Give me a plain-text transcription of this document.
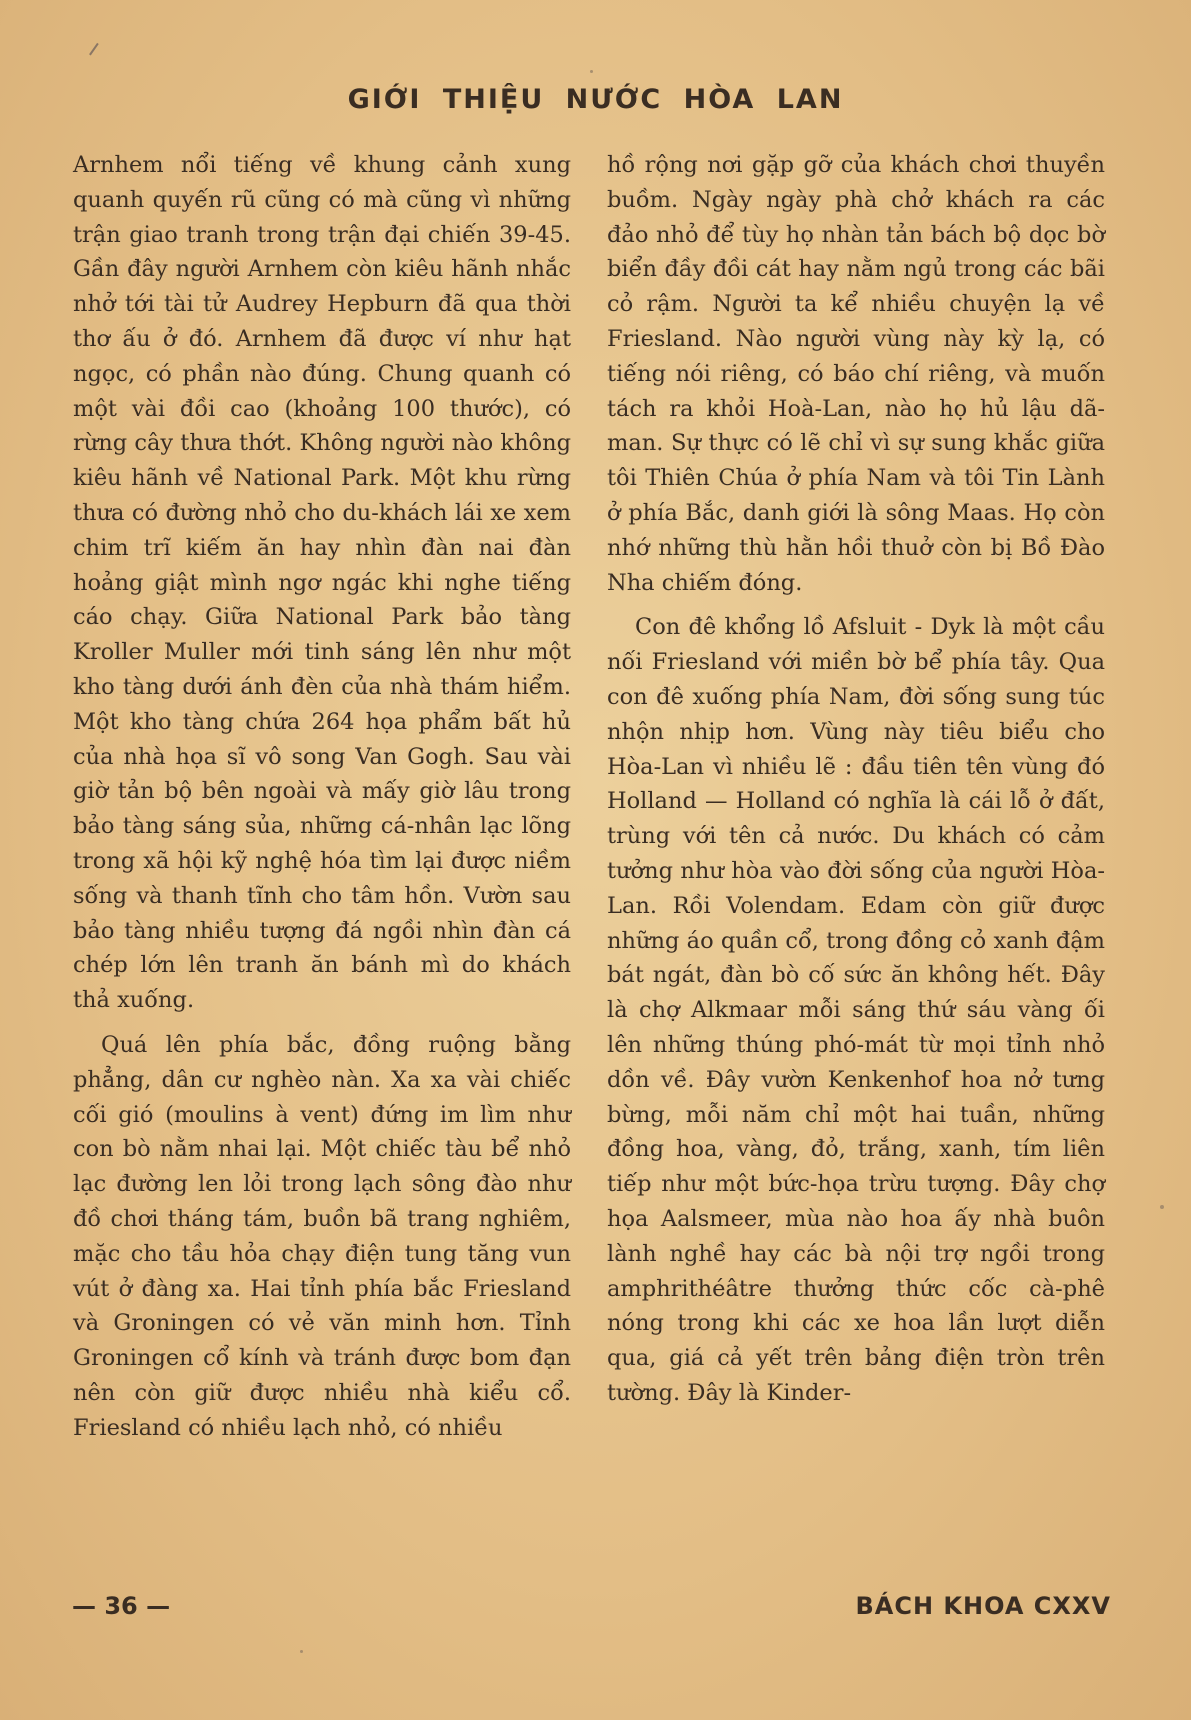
GIỚI THIỆU NƯỚC HÒA LAN

Arnhem nổi tiếng về khung cảnh xung quanh quyến rũ cũng có mà cũng vì những trận giao tranh trong trận đại chiến 39-45. Gần đây người Arnhem còn kiêu hãnh nhắc nhở tới tài tử Audrey Hepburn đã qua thời thơ ấu ở đó. Arnhem đã được ví như hạt ngọc, có phần nào đúng. Chung quanh có một vài đồi cao (khoảng 100 thước), có rừng cây thưa thớt. Không người nào không kiêu hãnh về National Park. Một khu rừng thưa có đường nhỏ cho du-khách lái xe xem chim trĩ kiếm ăn hay nhìn đàn nai đàn hoảng giật mình ngơ ngác khi nghe tiếng cáo chạy. Giữa National Park bảo tàng Kroller Muller mới tinh sáng lên như một kho tàng dưới ánh đèn của nhà thám hiểm. Một kho tàng chứa 264 họa phẩm bất hủ của nhà họa sĩ vô song Van Gogh. Sau vài giờ tản bộ bên ngoài và mấy giờ lâu trong bảo tàng sáng sủa, những cá-nhân lạc lõng trong xã hội kỹ nghệ hóa tìm lại được niềm sống và thanh tĩnh cho tâm hồn. Vườn sau bảo tàng nhiều tượng đá ngồi nhìn đàn cá chép lớn lên tranh ăn bánh mì do khách thả xuống.

Quá lên phía bắc, đồng ruộng bằng phẳng, dân cư nghèo nàn. Xa xa vài chiếc cối gió (moulins à vent) đứng im lìm như con bò nằm nhai lại. Một chiếc tàu bể nhỏ lạc đường len lỏi trong lạch sông đào như đồ chơi tháng tám, buồn bã trang nghiêm, mặc cho tầu hỏa chạy điện tung tăng vun vút ở đàng xa. Hai tỉnh phía bắc Friesland và Groningen có vẻ văn minh hơn. Tỉnh Groningen cổ kính và tránh được bom đạn nên còn giữ được nhiều nhà kiểu cổ. Friesland có nhiều lạch nhỏ, có nhiều

hồ rộng nơi gặp gỡ của khách chơi thuyền buồm. Ngày ngày phà chở khách ra các đảo nhỏ để tùy họ nhàn tản bách bộ dọc bờ biển đầy đồi cát hay nằm ngủ trong các bãi cỏ rậm. Người ta kể nhiều chuyện lạ về Friesland. Nào người vùng này kỳ lạ, có tiếng nói riêng, có báo chí riêng, và muốn tách ra khỏi Hoà-Lan, nào họ hủ lậu dã-man. Sự thực có lẽ chỉ vì sự sung khắc giữa tôi Thiên Chúa ở phía Nam và tôi Tin Lành ở phía Bắc, danh giới là sông Maas. Họ còn nhớ những thù hằn hồi thuở còn bị Bồ Đào Nha chiếm đóng.

Con đê khổng lồ Afsluit - Dyk là một cầu nối Friesland với miền bờ bể phía tây. Qua con đê xuống phía Nam, đời sống sung túc nhộn nhịp hơn. Vùng này tiêu biểu cho Hòa-Lan vì nhiều lẽ : đầu tiên tên vùng đó Holland — Holland có nghĩa là cái lỗ ở đất, trùng với tên cả nước. Du khách có cảm tưởng như hòa vào đời sống của người Hòa-Lan. Rồi Volendam. Edam còn giữ được những áo quần cổ, trong đồng cỏ xanh đậm bát ngát, đàn bò cố sức ăn không hết. Đây là chợ Alkmaar mỗi sáng thứ sáu vàng ối lên những thúng phó-mát từ mọi tỉnh nhỏ dồn về. Đây vườn Kenkenhof hoa nở tưng bừng, mỗi năm chỉ một hai tuần, những đồng hoa, vàng, đỏ, trắng, xanh, tím liên tiếp như một bức-họa trừu tượng. Đây chợ họa Aalsmeer, mùa nào hoa ấy nhà buôn lành nghề hay các bà nội trợ ngồi trong amphrithéâtre thưởng thức cốc cà-phê nóng trong khi các xe hoa lần lượt diễn qua, giá cả yết trên bảng điện tròn trên tường. Đây là Kinder-

— 36 —	BÁCH KHOA CXXV
